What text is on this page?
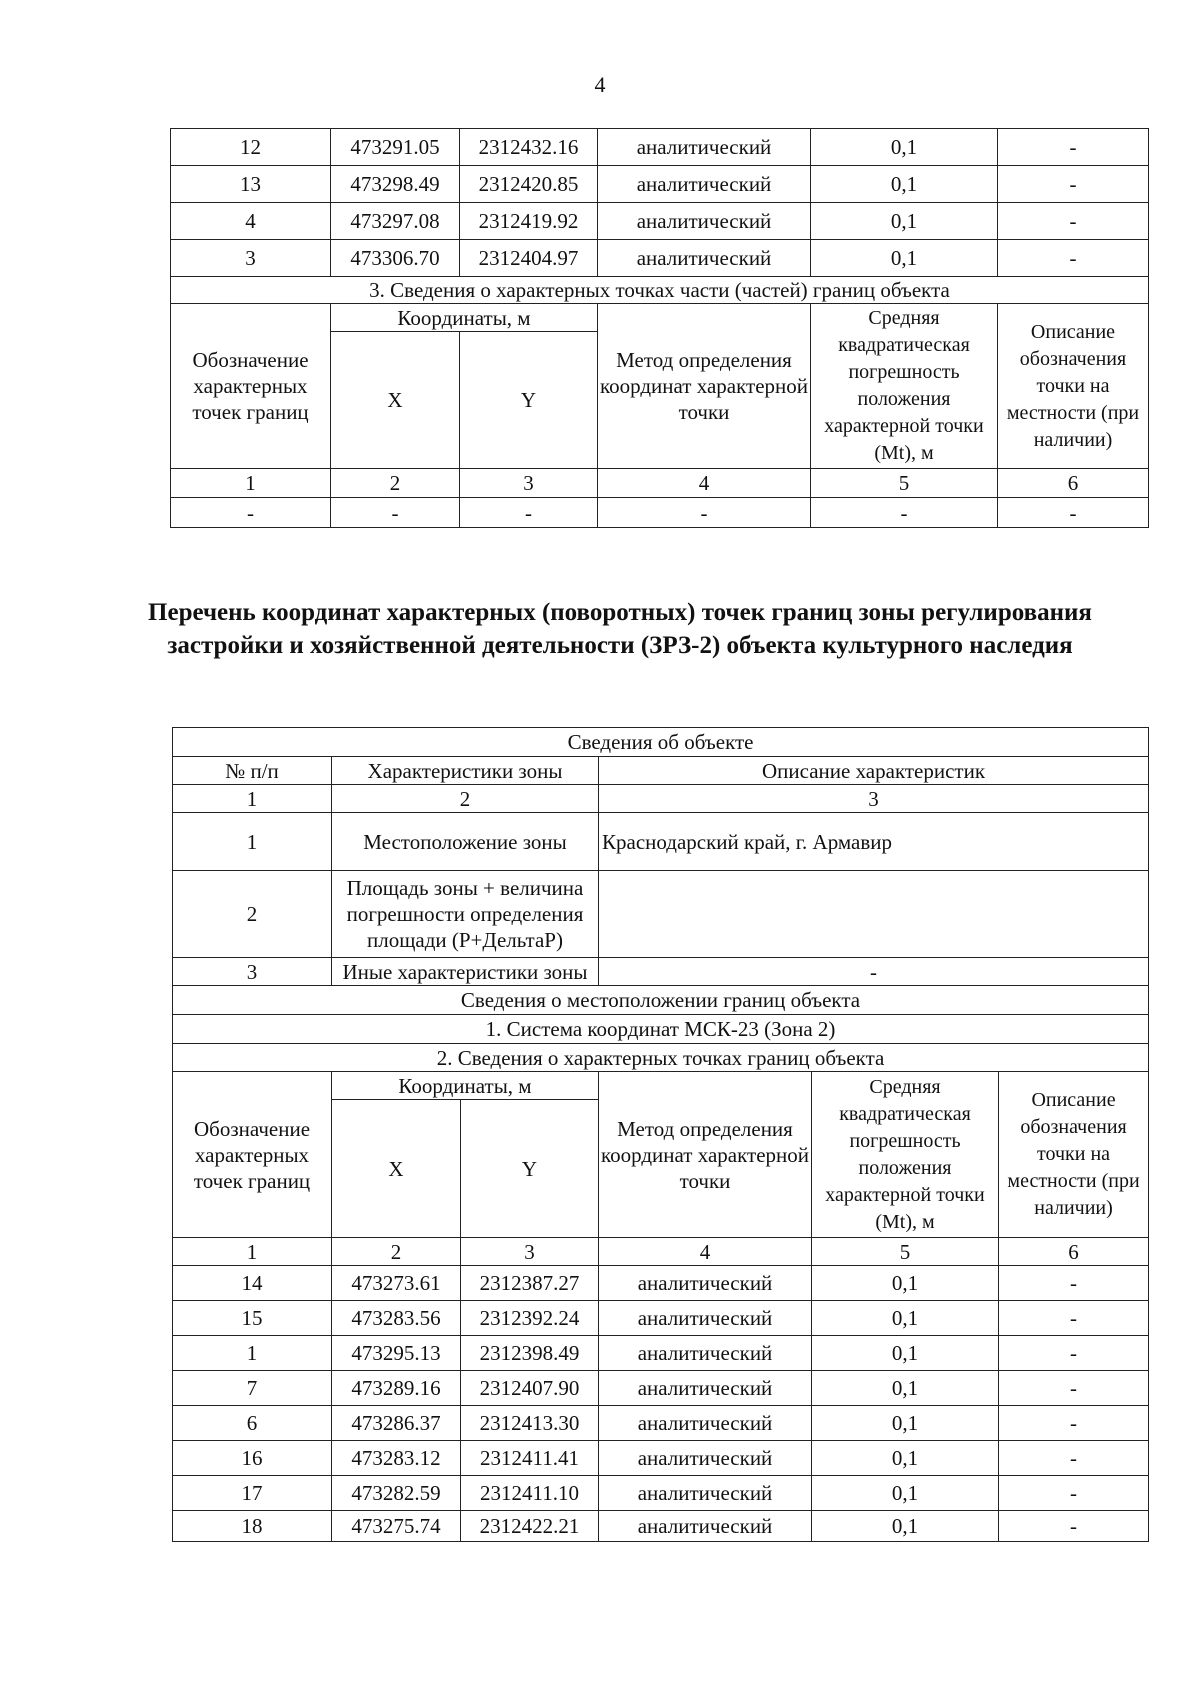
4
12	473291.05	2312432.16	аналитический	0,1	-
13	473298.49	2312420.85	аналитический	0,1	-
4	473297.08	2312419.92	аналитический	0,1	-
3	473306.70	2312404.97	аналитический	0,1	-
3. Сведения о характерных точках части (частей) границ объекта					
Обозначение характерных точек границ	Координаты, м		Метод определения координат характерной точки	Средняя квадратическая погрешность положения характерной точки (Mt), м	Описание обозначения точки на местности (при наличии)
	X	Y			
1	2	3	4	5	6
-	-	-	-	-	-
Перечень координат характерных (поворотных) точек границ зоны регулирования застройки и хозяйственной деятельности (ЗРЗ-2) объекта культурного наследия
Сведения об объекте					
№ п/п	Характеристики зоны		Описание характеристик		
1	2		3		
1	Местоположение зоны		Краснодарский край, г. Армавир		
2	Площадь зоны + величина погрешности определения площади (P+ДельтаP)				
3	Иные характеристики зоны		-		
Сведения о местоположении границ объекта					
1. Система координат МСК-23 (Зона 2)					
2. Сведения о характерных точках границ объекта					
Обозначение характерных точек границ	Координаты, м		Метод определения координат характерной точки	Средняя квадратическая погрешность положения характерной точки (Mt), м	Описание обозначения точки на местности (при наличии)
	X	Y			
1	2	3	4	5	6
14	473273.61	2312387.27	аналитический	0,1	-
15	473283.56	2312392.24	аналитический	0,1	-
1	473295.13	2312398.49	аналитический	0,1	-
7	473289.16	2312407.90	аналитический	0,1	-
6	473286.37	2312413.30	аналитический	0,1	-
16	473283.12	2312411.41	аналитический	0,1	-
17	473282.59	2312411.10	аналитический	0,1	-
18	473275.74	2312422.21	аналитический	0,1	-
